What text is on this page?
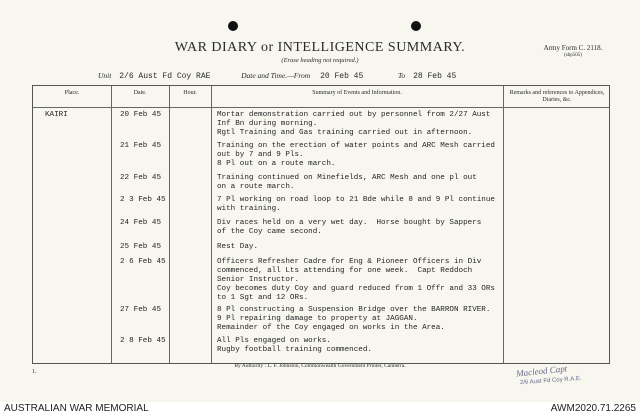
WAR DIARY or INTELLIGENCE SUMMARY.
(Erase heading not required.)
Army Form C. 2118.
(shp505)
Unit 2/6 Aust Fd Coy RAE	Date and Time.—From 20 Feb 45	To 28 Feb 45
Place.	Date.	Hour.	Summary of Events and Information.	Remarks and references to Appendices, Diaries, &c.
KAIRI	20 Feb 45	Mortar demonstration carried out by personnel from 2/27 Aust
Inf Bn during morning.
Rgtl Training and Gas training carried out in afternoon.
21 Feb 45	Training on the erection of water points and ARC Mesh carried
out by 7 and 9 Pls.
8 Pl out on a route march.
22 Feb 45	Training continued on Minefields, ARC Mesh and one pl out
on a route march.
2 3 Feb 45	7 Pl working on road loop to 21 Bde while 8 and 9 Pl continue
with training.
24 Feb 45	Div races held on a very wet day.  Horse bought by Sappers
of the Coy came second.
25 Feb 45	Rest Day.
2 6 Feb 45	Officers Refresher Cadre for Eng & Pioneer Officers in Div
commenced, all Lts attending for one week.  Capt Reddoch
Senior Instructor.
Coy becomes duty Coy and guard reduced from 1 Offr and 33 ORs
to 1 Sgt and 12 ORs.
27 Feb 45	8 Pl constructing a Suspension Bridge over the BARRON RIVER.
9 Pl repairing damage to property at JAGGAN.
Remainder of the Coy engaged on works in the Area.
2 8 Feb 45	All Pls engaged on works.
Rugby football training commenced.
1.
By Authority : L. F. Johnston, Commonwealth Government Printer, Canberra.	Macleod Capt
2/6 Aust Fd Coy R.A.E.
AUSTRALIAN WAR MEMORIAL	AWM2020.71.2265
